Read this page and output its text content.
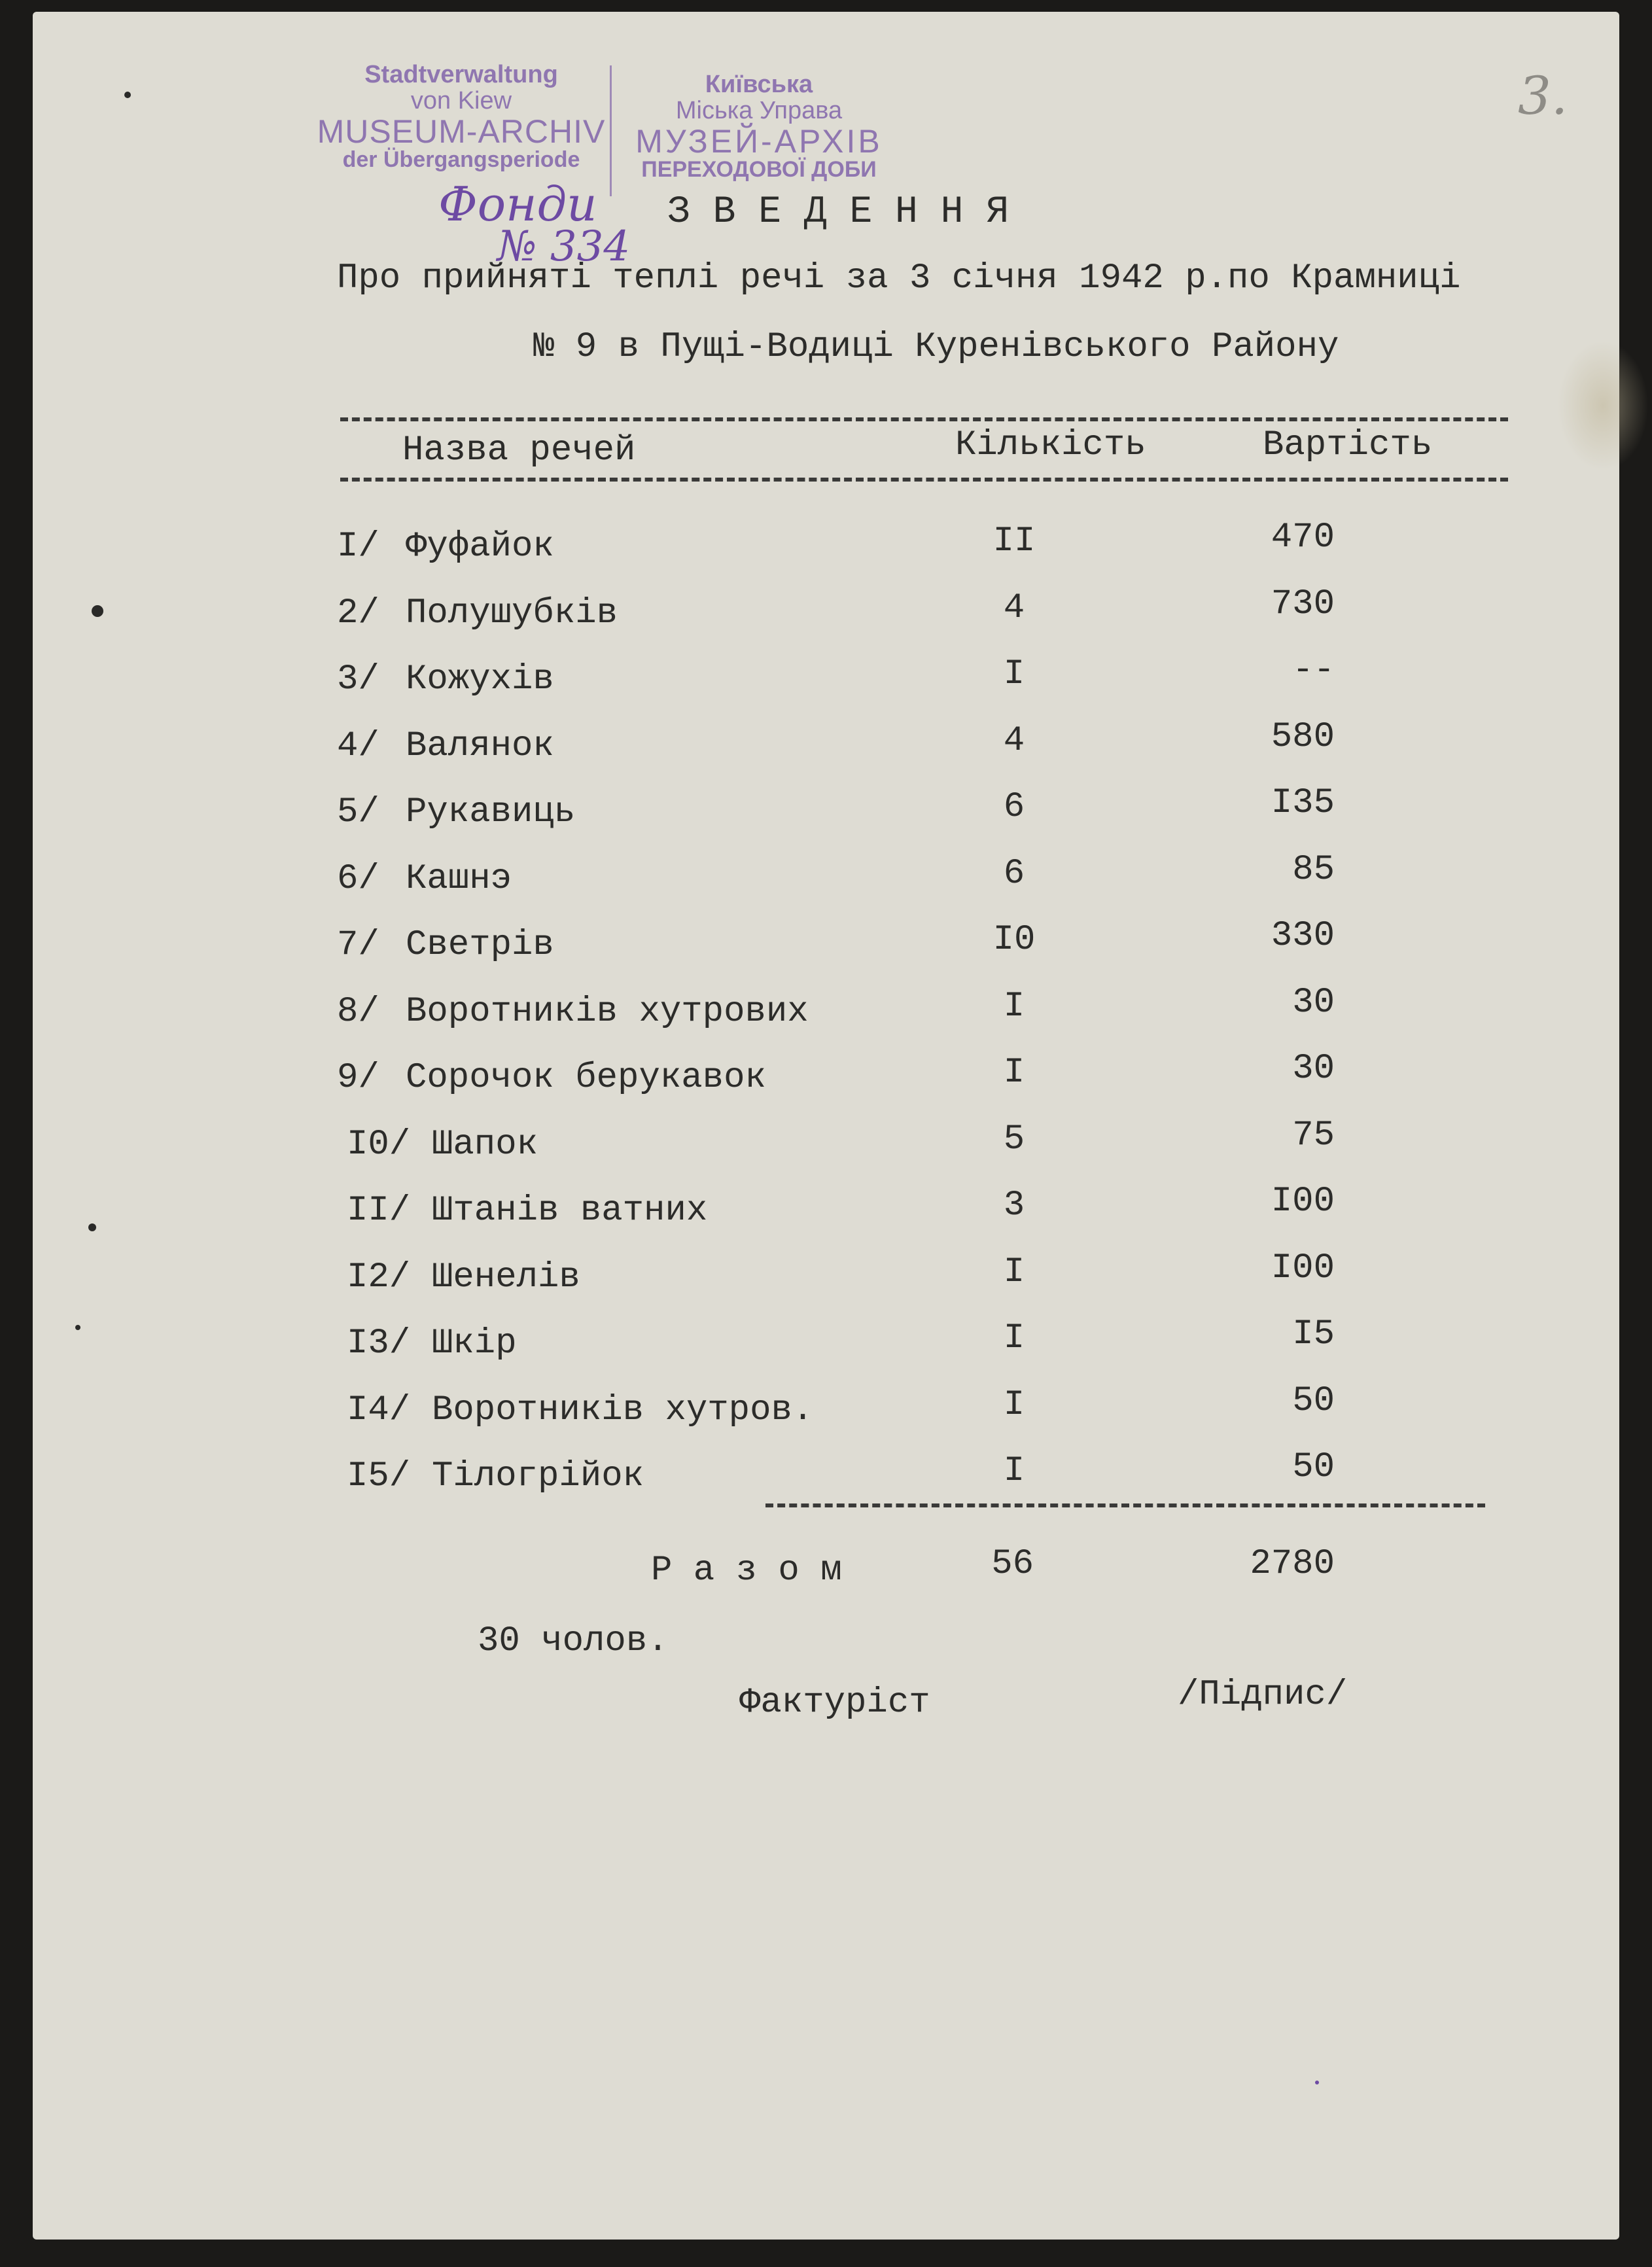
3.
Stadtverwaltung
von Kiew
MUSEUM-ARCHIV
der Übergangsperiode
Київська
Міська Управа
МУЗЕЙ-АРХІВ
ПЕРЕХОДОВОЇ ДОБИ
Фонди
№ 334
З В Е Д Е Н Н Я
Про прийняті теплі речі за 3 січня 1942 р.по Крамниці
№ 9 в Пущі-Водиці Куренівського Району
Назва речей	Кількість	Вартість
I/ Фуфайок	II	470
2/ Полушубків	4	730
3/ Кожухів	I	--
4/ Валянок	4	580
5/ Рукавиць	6	I35
6/ Кашнэ	6	85
7/ Светрів	I0	330
8/ Воротників хутрових	I	30
9/ Сорочок берукавок	I	30
I0/ Шапок	5	75
II/ Штанів ватних	3	I00
I2/ Шенелів	I	I00
I3/ Шкір	I	I5
I4/ Воротників хутров.	I	50
I5/ Тілогрійок	I	50
Р а з о м	56	2780
30 чолов.
Фактуріст	/Підпис/
